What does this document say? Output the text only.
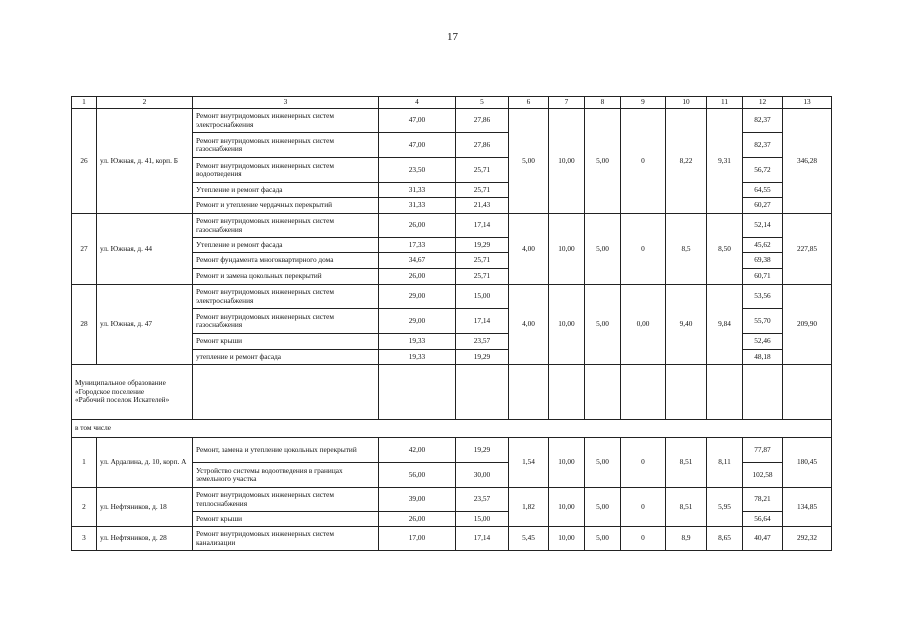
17
1	2	3	4	5	6	7	8	9	10	11	12	13
26	ул. Южная, д. 41, корп. Б	Ремонт внутридомовых инженерных систем электроснабжения	47,00	27,86	5,00	10,00	5,00	0	8,22	9,31	82,37	346,28
		Ремонт внутридомовых инженерных систем газоснабжения	47,00	27,86							82,37	
		Ремонт внутридомовых инженерных систем водоотведения	23,50	25,71							56,72	
		Утепление и ремонт фасада	31,33	25,71							64,55	
		Ремонт и утепление чердачных перекрытий	31,33	21,43							60,27	
27	ул. Южная, д. 44	Ремонт внутридомовых инженерных систем газоснабжения	26,00	17,14	4,00	10,00	5,00	0	8,5	8,50	52,14	227,85
		Утепление и ремонт фасада	17,33	19,29							45,62	
		Ремонт фундамента многоквартирного дома	34,67	25,71							69,38	
		Ремонт и замена цокольных перекрытий	26,00	25,71							60,71	
28	ул. Южная, д. 47	Ремонт внутридомовых инженерных систем электроснабжения	29,00	15,00	4,00	10,00	5,00	0,00	9,40	9,84	53,56	209,90
		Ремонт внутридомовых инженерных систем газоснабжения	29,00	17,14							55,70	
		Ремонт крыши	19,33	23,57							52,46	
		утепление и ремонт фасада	19,33	19,29							48,18	

Муниципальное образование
«Городское поселение
«Рабочий поселок Искателей»												

в том числе												
1	ул. Ардалина, д. 10, корп. А	Ремонт, замена и утепление цокольных перекрытий	42,00	19,29	1,54	10,00	5,00	0	8,51	8,11	77,87	180,45
		Устройство системы водоотведения в границах земельного участка	56,00	30,00							102,58	
2	ул. Нефтяников, д. 18	Ремонт внутридомовых инженерных систем теплоснабжения	39,00	23,57	1,82	10,00	5,00	0	8,51	5,95	78,21	134,85
		Ремонт крыши	26,00	15,00							56,64	
3	ул. Нефтяников, д. 28	Ремонт внутридомовых инженерных систем канализации	17,00	17,14	5,45	10,00	5,00	0	8,9	8,65	40,47	292,32
